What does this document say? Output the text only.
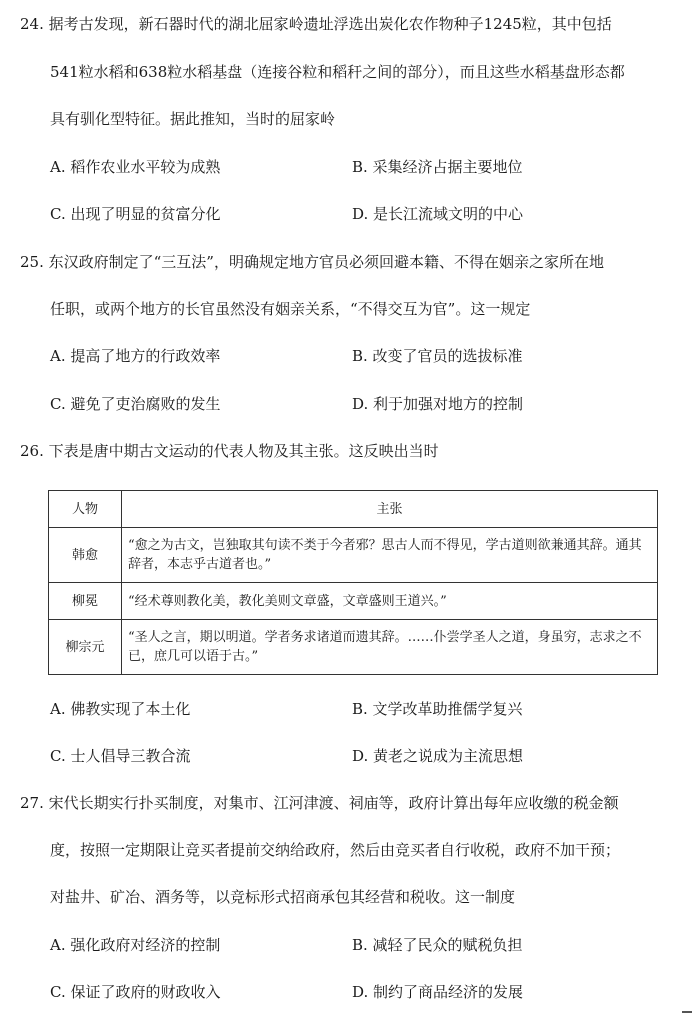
24. 据考古发现，新石器时代的湖北屈家岭遗址浮选出炭化农作物种子1245粒，其中包括
541粒水稻和638粒水稻基盘（连接谷粒和稻秆之间的部分），而且这些水稻基盘形态都
具有驯化型特征。据此推知，当时的屈家岭
A. 稻作农业水平较为成熟	B. 采集经济占据主要地位
C. 出现了明显的贫富分化	D. 是长江流域文明的中心
25. 东汉政府制定了“三互法”，明确规定地方官员必须回避本籍、不得在姻亲之家所在地
任职，或两个地方的长官虽然没有姻亲关系，“不得交互为官”。这一规定
A. 提高了地方的行政效率	B. 改变了官员的选拔标准
C. 避免了吏治腐败的发生	D. 利于加强对地方的控制
26. 下表是唐中期古文运动的代表人物及其主张。这反映出当时
人物	主张
韩愈	“愈之为古文，岂独取其句读不类于今者邪？思古人而不得见，学古道则欲兼通其辞。通其辞者，本志乎古道者也。”
柳冕	“经术尊则教化美，教化美则文章盛，文章盛则王道兴。”
柳宗元	“圣人之言，期以明道。学者务求诸道而遗其辞。……仆尝学圣人之道，身虽穷，志求之不已，庶几可以语于古。”
A. 佛教实现了本土化	B. 文学改革助推儒学复兴
C. 士人倡导三教合流	D. 黄老之说成为主流思想
27. 宋代长期实行扑买制度，对集市、江河津渡、祠庙等，政府计算出每年应收缴的税金额
度，按照一定期限让竞买者提前交纳给政府，然后由竞买者自行收税，政府不加干预；
对盐井、矿冶、酒务等，以竞标形式招商承包其经营和税收。这一制度
A. 强化政府对经济的控制	B. 减轻了民众的赋税负担
C. 保证了政府的财政收入	D. 制约了商品经济的发展
